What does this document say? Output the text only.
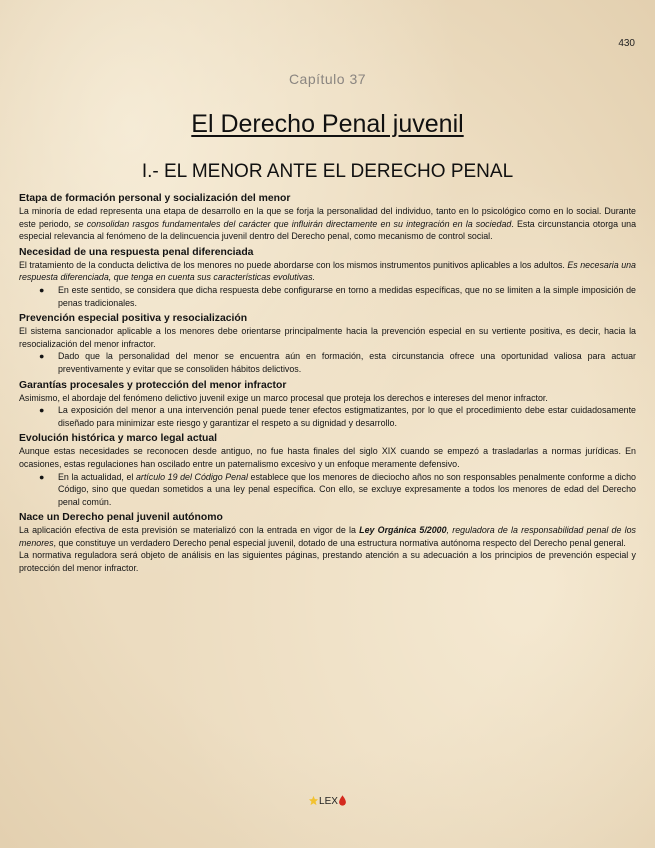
430
Capítulo 37
El Derecho Penal juvenil
I.- EL MENOR ANTE EL DERECHO PENAL
Etapa de formación personal y socialización del menor
La minoría de edad representa una etapa de desarrollo en la que se forja la personalidad del individuo, tanto en lo psicológico como en lo social. Durante este periodo, se consolidan rasgos fundamentales del carácter que influirán directamente en su integración en la sociedad. Esta circunstancia otorga una especial relevancia al fenómeno de la delincuencia juvenil dentro del Derecho penal, como mecanismo de control social.
Necesidad de una respuesta penal diferenciada
El tratamiento de la conducta delictiva de los menores no puede abordarse con los mismos instrumentos punitivos aplicables a los adultos. Es necesaria una respuesta diferenciada, que tenga en cuenta sus características evolutivas.
● En este sentido, se considera que dicha respuesta debe configurarse en torno a medidas específicas, que no se limiten a la simple imposición de penas tradicionales.
Prevención especial positiva y resocialización
El sistema sancionador aplicable a los menores debe orientarse principalmente hacia la prevención especial en su vertiente positiva, es decir, hacia la resocialización del menor infractor.
● Dado que la personalidad del menor se encuentra aún en formación, esta circunstancia ofrece una oportunidad valiosa para actuar preventivamente y evitar que se consoliden hábitos delictivos.
Garantías procesales y protección del menor infractor
Asimismo, el abordaje del fenómeno delictivo juvenil exige un marco procesal que proteja los derechos e intereses del menor infractor.
● La exposición del menor a una intervención penal puede tener efectos estigmatizantes, por lo que el procedimiento debe estar cuidadosamente diseñado para minimizar este riesgo y garantizar el respeto a su dignidad y desarrollo.
Evolución histórica y marco legal actual
Aunque estas necesidades se reconocen desde antiguo, no fue hasta finales del siglo XIX cuando se empezó a trasladarlas a normas jurídicas. En ocasiones, estas regulaciones han oscilado entre un paternalismo excesivo y un enfoque meramente defensivo.
● En la actualidad, el artículo 19 del Código Penal establece que los menores de dieciocho años no son responsables penalmente conforme a dicho Código, sino que quedan sometidos a una ley penal específica. Con ello, se excluye expresamente a todos los menores de edad del Derecho penal común.
Nace un Derecho penal juvenil autónomo
La aplicación efectiva de esta previsión se materializó con la entrada en vigor de la Ley Orgánica 5/2000, reguladora de la responsabilidad penal de los menores, que constituye un verdadero Derecho penal especial juvenil, dotado de una estructura normativa autónoma respecto del Derecho penal general.
La normativa reguladora será objeto de análisis en las siguientes páginas, prestando atención a su adecuación a los principios de prevención especial y protección del menor infractor.
LEX
